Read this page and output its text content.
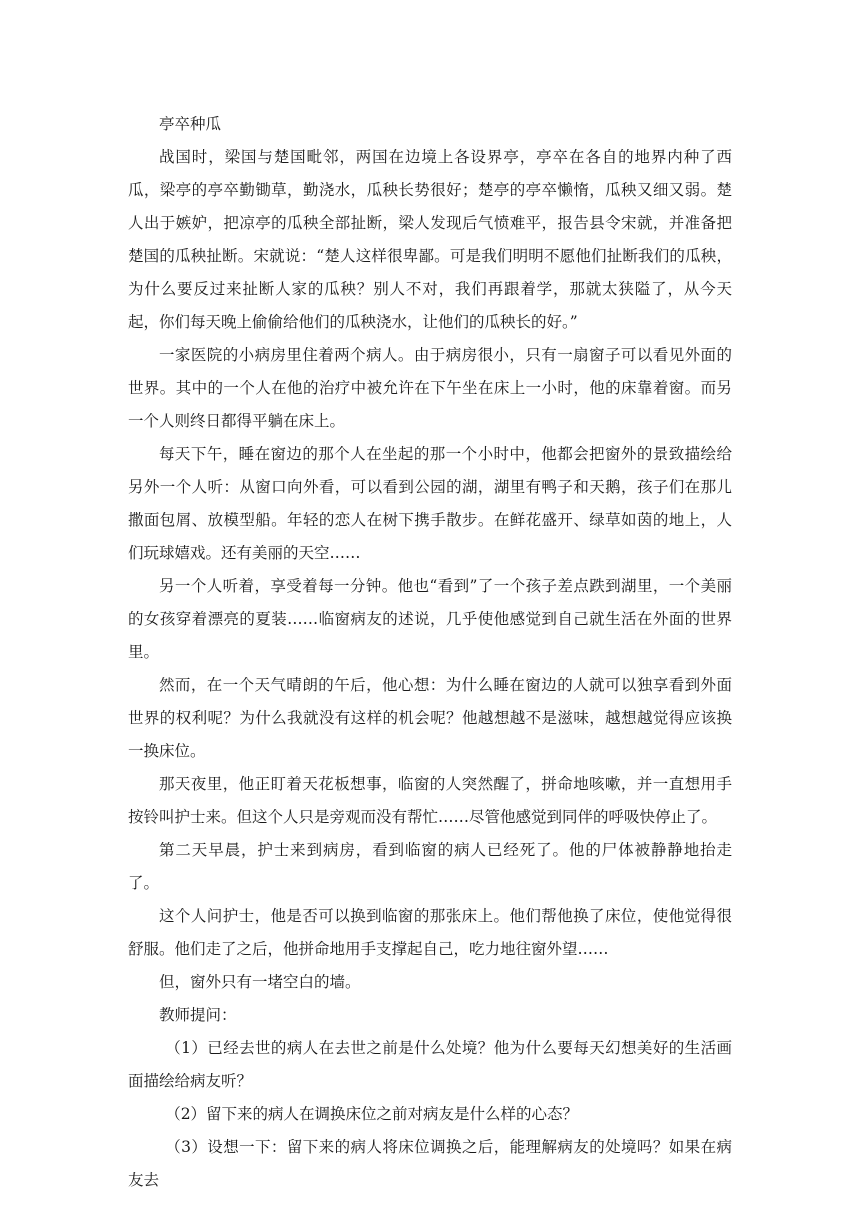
亭卒种瓜

战国时，梁国与楚国毗邻，两国在边境上各设界亭，亭卒在各自的地界内种了西瓜，梁亭的亭卒勤锄草，勤浇水，瓜秧长势很好；楚亭的亭卒懒惰，瓜秧又细又弱。楚人出于嫉妒，把凉亭的瓜秧全部扯断，梁人发现后气愤难平，报告县令宋就，并准备把楚国的瓜秧扯断。宋就说：“楚人这样很卑鄙。可是我们明明不愿他们扯断我们的瓜秧，为什么要反过来扯断人家的瓜秧？别人不对，我们再跟着学，那就太狭隘了，从今天起，你们每天晚上偷偷给他们的瓜秧浇水，让他们的瓜秧长的好。”

一家医院的小病房里住着两个病人。由于病房很小，只有一扇窗子可以看见外面的世界。其中的一个人在他的治疗中被允许在下午坐在床上一小时，他的床靠着窗。而另一个人则终日都得平躺在床上。

每天下午，睡在窗边的那个人在坐起的那一个小时中，他都会把窗外的景致描绘给另外一个人听：从窗口向外看，可以看到公园的湖，湖里有鸭子和天鹅，孩子们在那儿撒面包屑、放模型船。年轻的恋人在树下携手散步。在鲜花盛开、绿草如茵的地上，人们玩球嬉戏。还有美丽的天空……

另一个人听着，享受着每一分钟。他也“看到”了一个孩子差点跌到湖里，一个美丽的女孩穿着漂亮的夏装……临窗病友的述说，几乎使他感觉到自己就生活在外面的世界里。

然而，在一个天气晴朗的午后，他心想：为什么睡在窗边的人就可以独享看到外面世界的权利呢？为什么我就没有这样的机会呢？他越想越不是滋味，越想越觉得应该换一换床位。

那天夜里，他正盯着天花板想事，临窗的人突然醒了，拼命地咳嗽，并一直想用手按铃叫护士来。但这个人只是旁观而没有帮忙……尽管他感觉到同伴的呼吸快停止了。

第二天早晨，护士来到病房，看到临窗的病人已经死了。他的尸体被静静地抬走了。

这个人问护士，他是否可以换到临窗的那张床上。他们帮他换了床位，使他觉得很舒服。他们走了之后，他拼命地用手支撑起自己，吃力地往窗外望……

但，窗外只有一堵空白的墙。

教师提问：

（1）已经去世的病人在去世之前是什么处境？他为什么要每天幻想美好的生活画面描绘给病友听？

（2）留下来的病人在调换床位之前对病友是什么样的心态？

（3）设想一下：留下来的病人将床位调换之后，能理解病友的处境吗？如果在病友去
